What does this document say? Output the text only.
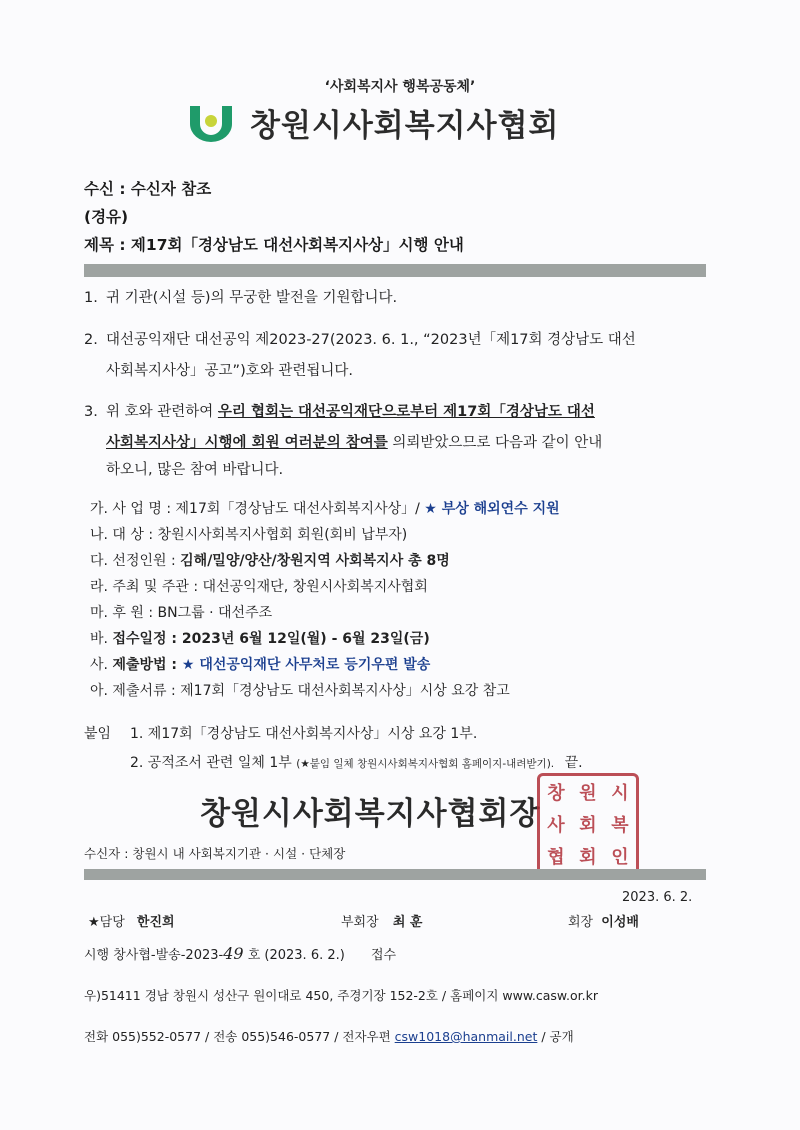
‘사회복지사 행복공동체’
창원시사회복지사협회
수신 : 수신자 참조
(경유)
제목 : 제17회「경상남도 대선사회복지사상」시행 안내
1. 귀 기관(시설 등)의 무궁한 발전을 기원합니다.
2. 대선공익재단 대선공익 제2023-27(2023. 6. 1., “2023년「제17회 경상남도 대선
사회복지사상」공고”)호와 관련됩니다.
3. 위 호와 관련하여 우리 협회는 대선공익재단으로부터 제17회「경상남도 대선
사회복지사상」시행에 회원 여러분의 참여를 의뢰받았으므로 다음과 같이 안내
하오니, 많은 참여 바랍니다.
가. 사 업 명 : 제17회「경상남도 대선사회복지사상」/ ★ 부상 해외연수 지원
나. 대 상 : 창원시사회복지사협회 회원(회비 납부자)
다. 선정인원 : 김해/밀양/양산/창원지역 사회복지사 총 8명
라. 주최 및 주관 : 대선공익재단, 창원시사회복지사협회
마. 후 원 : BN그룹 · 대선주조
바. 접수일정 : 2023년 6월 12일(월) - 6월 23일(금)
사. 제출방법 : ★ 대선공익재단 사무처로 등기우편 발송
아. 제출서류 : 제17회「경상남도 대선사회복지사상」시상 요강 참고
붙임 1. 제17회「경상남도 대선사회복지사상」시상 요강 1부.
2. 공적조서 관련 일체 1부 (★붙임 일체 창원시사회복지사협회 홈페이지-내려받기). 끝.
창원시사회복지사협회장
창 원 시
사 회 복
협 회 인
수신자 : 창원시 내 사회복지기관 · 시설 · 단체장
2023. 6. 2.
★담당 한진희	부회장 최 훈	회장 이성배
시행 창사협-발송-2023-49 호 (2023. 6. 2.) 접수
우)51411 경남 창원시 성산구 원이대로 450, 주경기장 152-2호 / 홈페이지 www.casw.or.kr
전화 055)552-0577 / 전송 055)546-0577 / 전자우편 csw1018@hanmail.net / 공개
